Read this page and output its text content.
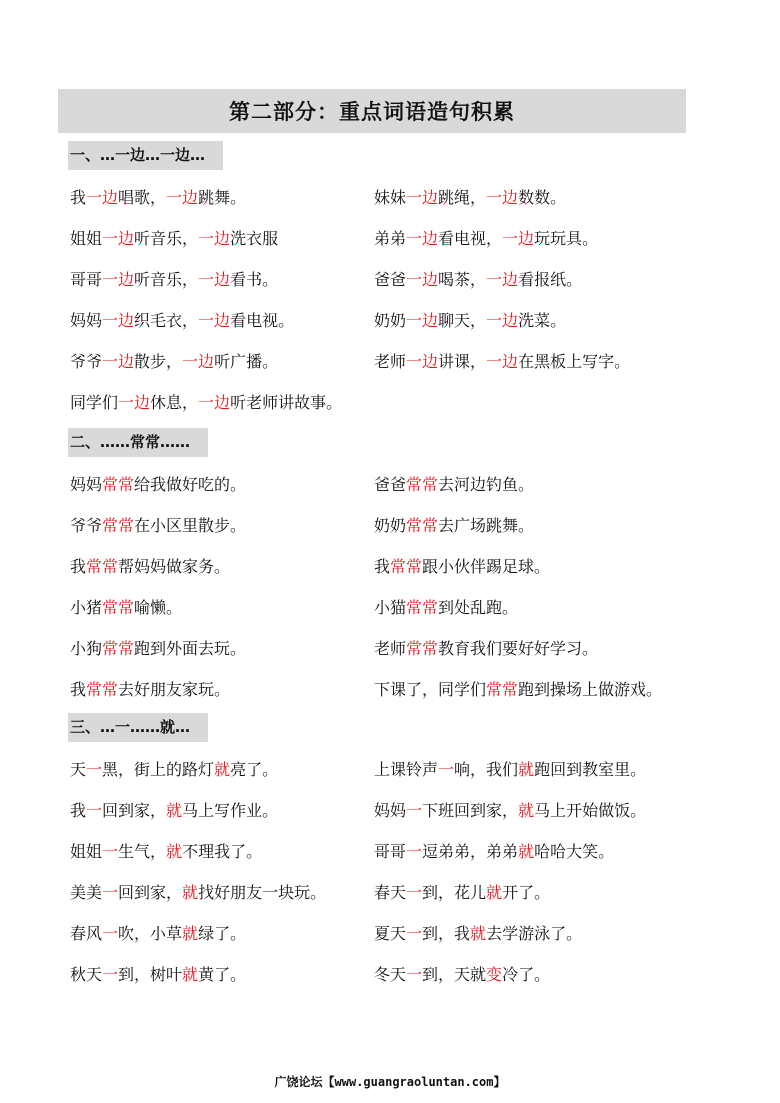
第二部分：重点词语造句积累
一、…一边…一边…
我一边唱歌，一边跳舞。	妹妹一边跳绳，一边数数。
姐姐一边听音乐，一边洗衣服	弟弟一边看电视，一边玩玩具。
哥哥一边听音乐，一边看书。	爸爸一边喝茶，一边看报纸。
妈妈一边织毛衣，一边看电视。	奶奶一边聊天，一边洗菜。
爷爷一边散步，一边听广播。	老师一边讲课，一边在黑板上写字。
同学们一边休息，一边听老师讲故事。
二、……常常……
妈妈常常给我做好吃的。	爸爸常常去河边钓鱼。
爷爷常常在小区里散步。	奶奶常常去广场跳舞。
我常常帮妈妈做家务。	我常常跟小伙伴踢足球。
小猪常常喻懒。	小猫常常到处乱跑。
小狗常常跑到外面去玩。	老师常常教育我们要好好学习。
我常常去好朋友家玩。	下课了，同学们常常跑到操场上做游戏。
三、…一……就…
天一黑，街上的路灯就亮了。	上课铃声一响，我们就跑回到教室里。
我一回到家，就马上写作业。	妈妈一下班回到家，就马上开始做饭。
姐姐一生气，就不理我了。	哥哥一逗弟弟，弟弟就哈哈大笑。
美美一回到家，就找好朋友一块玩。	春天一到，花儿就开了。
春风一吹，小草就绿了。	夏天一到，我就去学游泳了。
秋天一到，树叶就黄了。	冬天一到，天就变冷了。
广饶论坛【www.guangraoluntan.com】
